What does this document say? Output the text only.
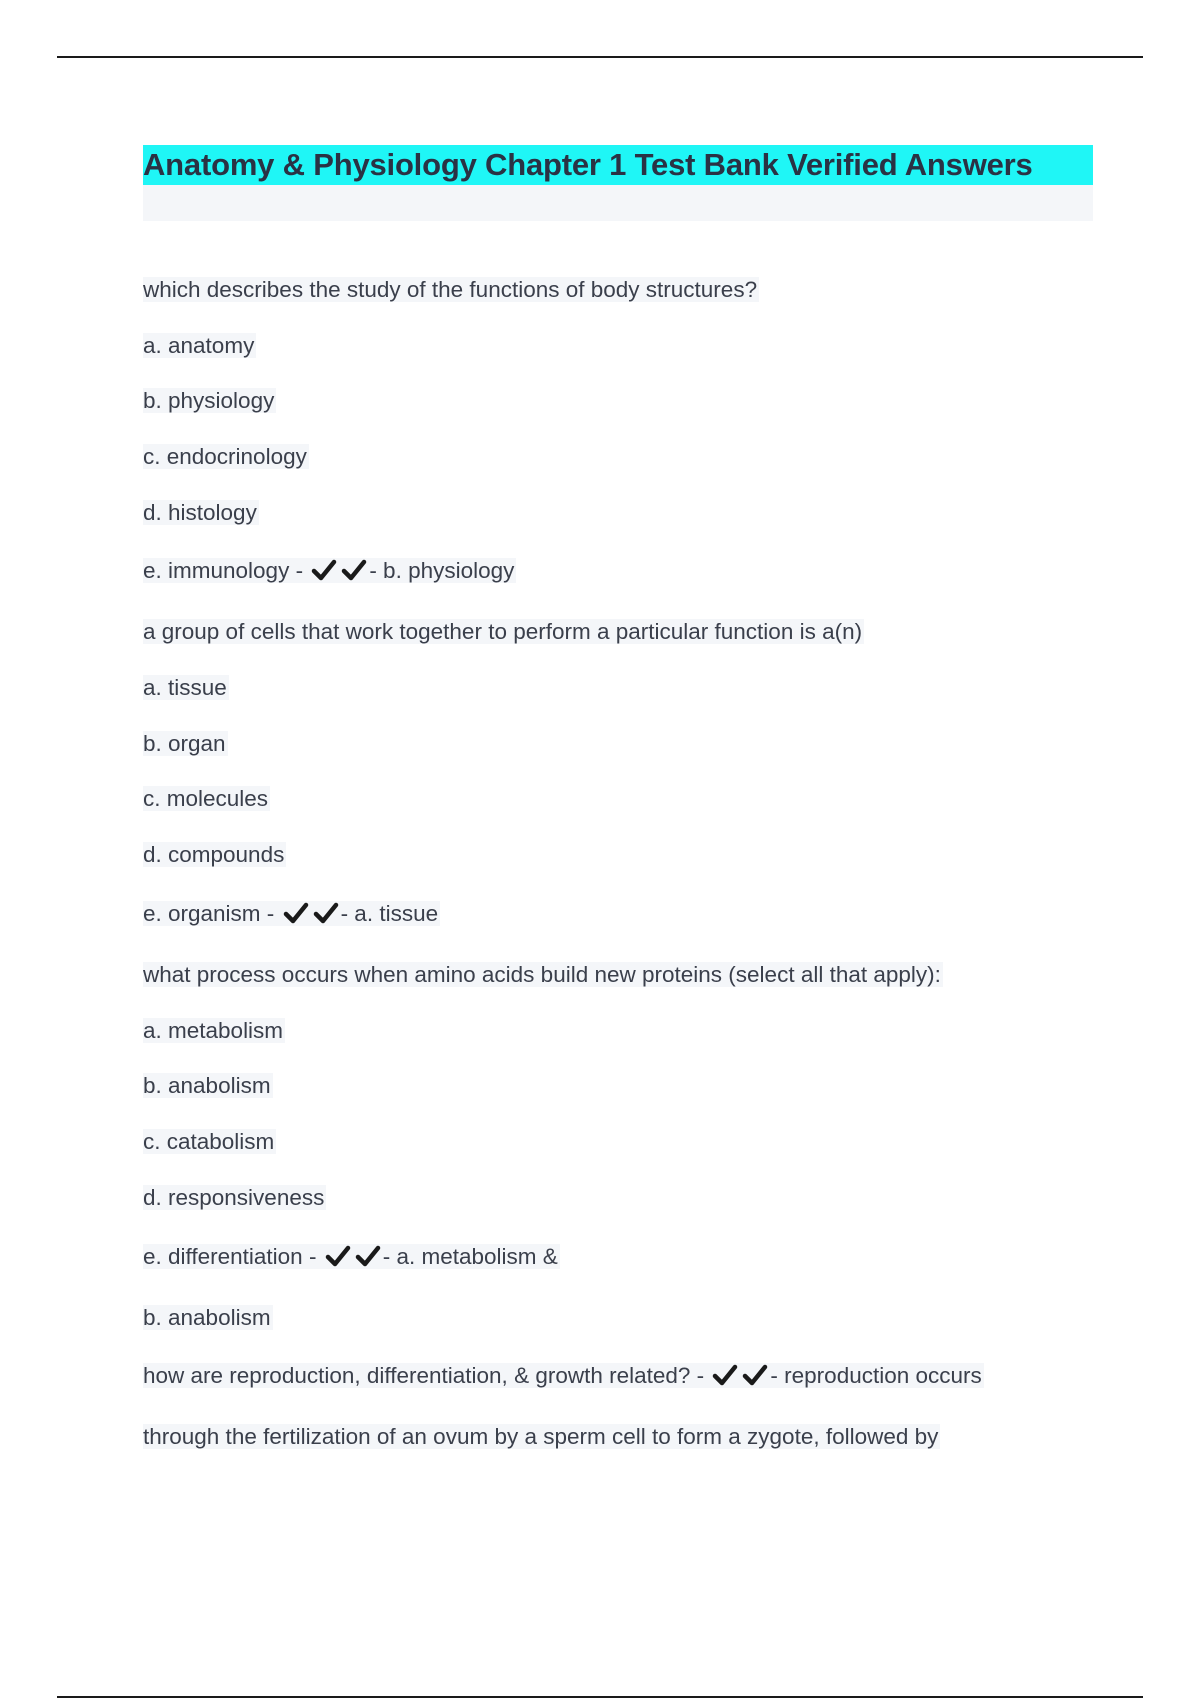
Anatomy & Physiology Chapter 1 Test Bank Verified Answers
which describes the study of the functions of body structures?
a. anatomy
b. physiology
c. endocrinology
d. histology
e. immunology -	- b. physiology
a group of cells that work together to perform a particular function is a(n)
a. tissue
b. organ
c. molecules
d. compounds
e. organism -	- a. tissue
what process occurs when amino acids build new proteins (select all that apply):
a. metabolism
b. anabolism
c. catabolism
d. responsiveness
e. differentiation -	- a. metabolism &
b. anabolism
how are reproduction, differentiation, & growth related? -	- reproduction occurs
through the fertilization of an ovum by a sperm cell to form a zygote, followed by
